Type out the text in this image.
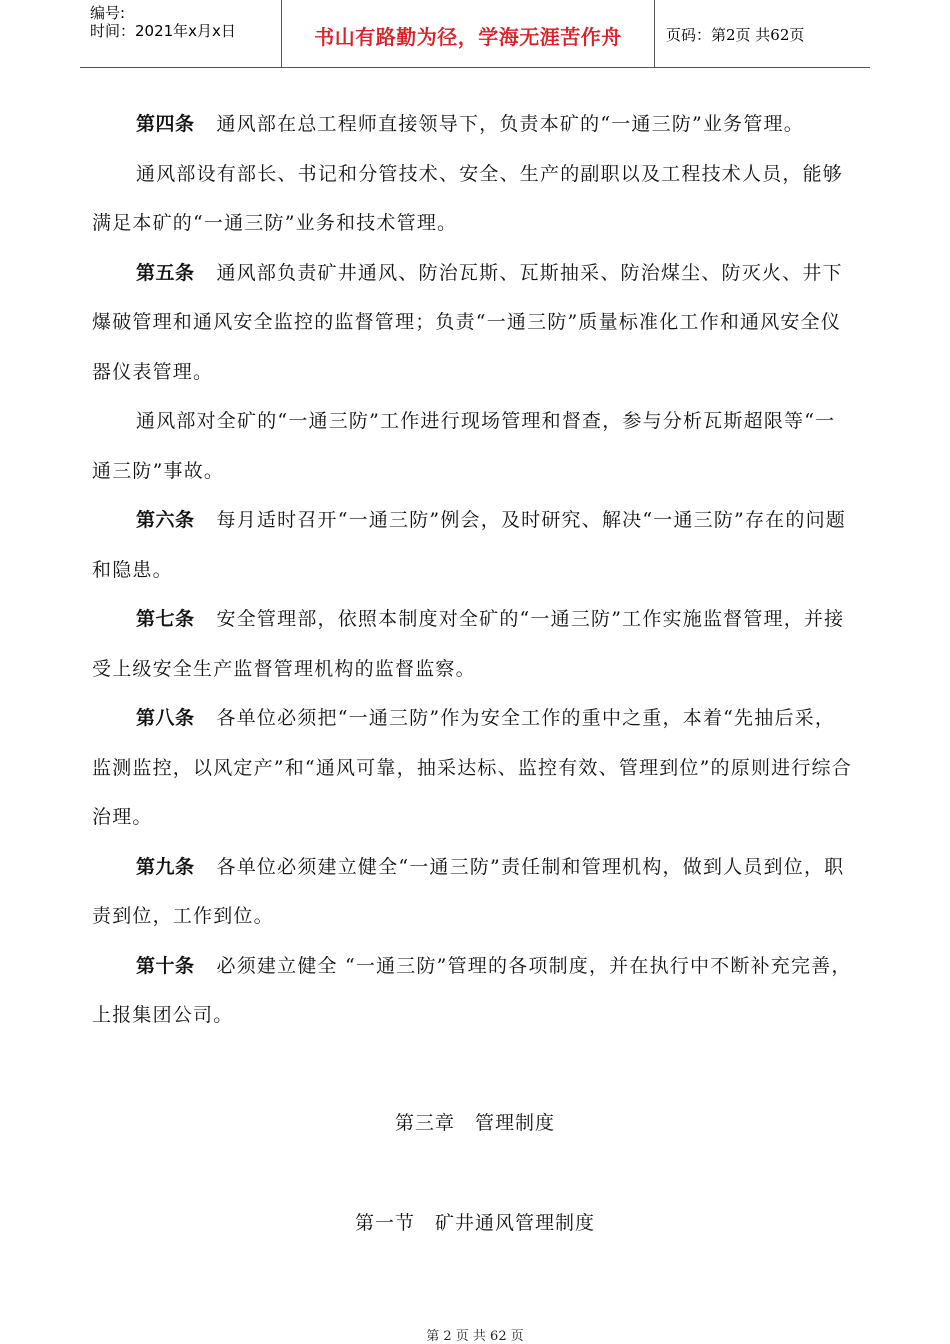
编号:
时间：2021年x月x日	书山有路勤为径，学海无涯苦作舟	页码：第2页 共62页

第四条 通风部在总工程师直接领导下，负责本矿的“一通三防”业务管理。

通风部设有部长、书记和分管技术、安全、生产的副职以及工程技术人员，能够满足本矿的“一通三防”业务和技术管理。

第五条 通风部负责矿井通风、防治瓦斯、瓦斯抽采、防治煤尘、防灭火、井下爆破管理和通风安全监控的监督管理；负责“一通三防”质量标准化工作和通风安全仪器仪表管理。

通风部对全矿的“一通三防”工作进行现场管理和督查，参与分析瓦斯超限等“一通三防”事故。

第六条 每月适时召开“一通三防”例会，及时研究、解决“一通三防”存在的问题和隐患。

第七条 安全管理部，依照本制度对全矿的“一通三防”工作实施监督管理，并接受上级安全生产监督管理机构的监督监察。

第八条 各单位必须把“一通三防”作为安全工作的重中之重，本着“先抽后采，监测监控，以风定产”和“通风可靠，抽采达标、监控有效、管理到位”的原则进行综合治理。

第九条 各单位必须建立健全“一通三防”责任制和管理机构，做到人员到位，职责到位，工作到位。

第十条 必须建立健全 “一通三防”管理的各项制度，并在执行中不断补充完善，上报集团公司。

第三章　管理制度
第一节　矿井通风管理制度
第 2 页 共 62 页
